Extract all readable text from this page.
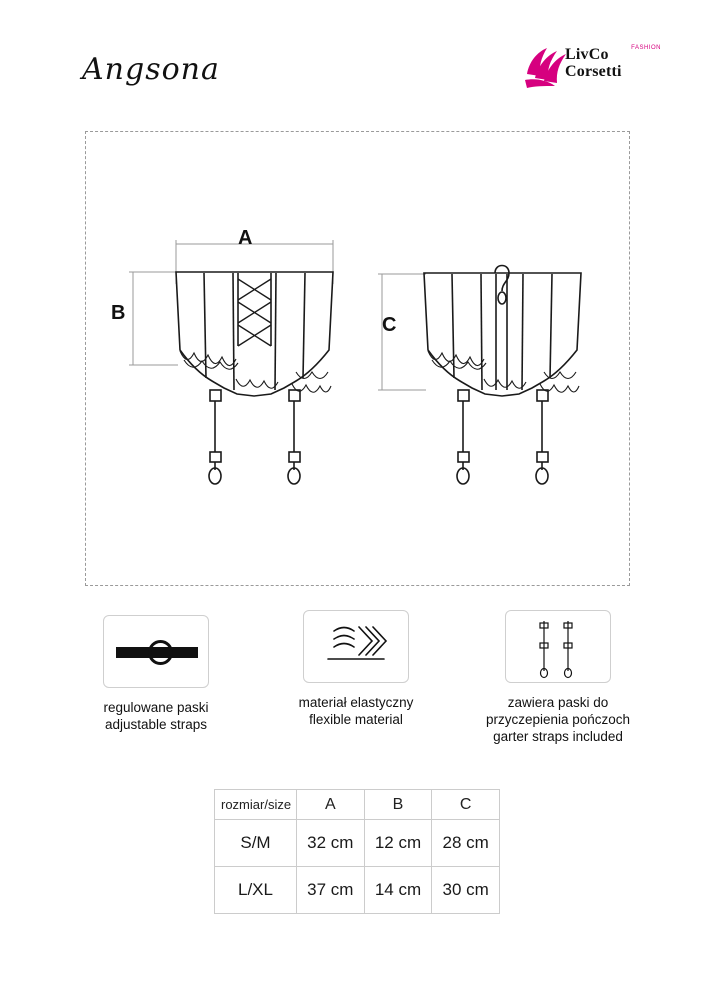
Angsona	LivCo
Corsetti
FASHION
A
B
C
regulowane paski
adjustable straps
materiał elastyczny
flexible material
zawiera paski do
przyczepienia pończoch
garter straps included
rozmiar/size	A	B	C
S/M	32 cm	12 cm	28 cm
L/XL	37 cm	14 cm	30 cm
